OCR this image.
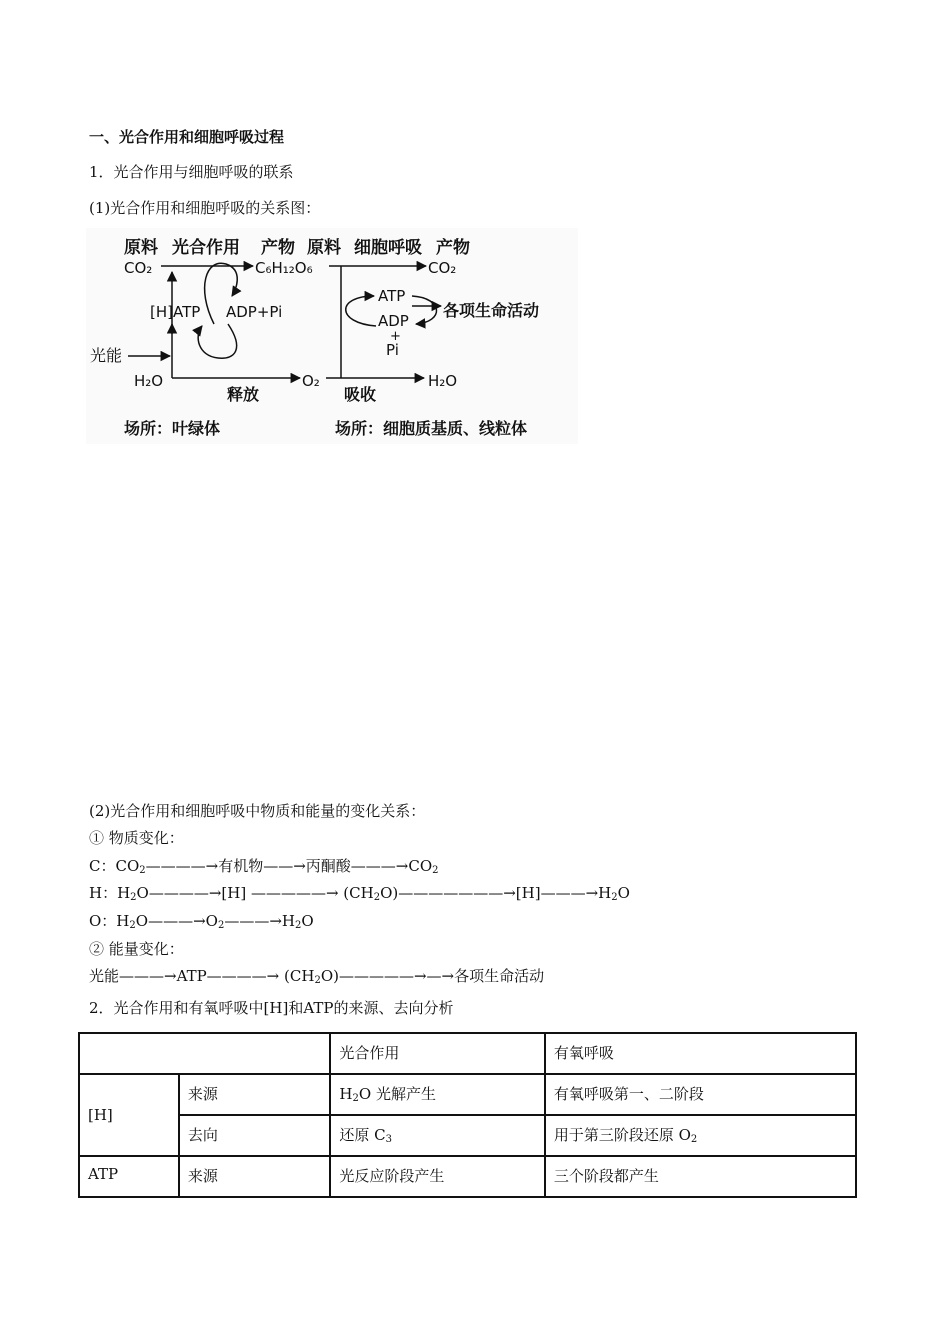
一、光合作用和细胞呼吸过程
1．光合作用与细胞呼吸的联系
(1)光合作用和细胞呼吸的关系图：
原料 光合作用 产物 原料 细胞呼吸 产物
CO₂	C₆H₁₂O₆	CO₂
[H]ATP ADP+Pi
光能
H₂O
释放
O₂
吸收
H₂O
ATP
ADP
+
Pi
各项生命活动
场所：叶绿体	场所：细胞质基质、线粒体
(2)光合作用和细胞呼吸中物质和能量的变化关系：
① 物质变化：
C：$CO_2————\to$有机物——→丙酮酸$———\to CO_2$
H：$H_2O————\to[H]$ —————→ $(CH_2O)———————\to[H]———\to H_2O$
O：$H_2O———\to O_2———\to H_2O$
② 能量变化：
光能———→ATP————→ $(CH_2O)—————\to—\to$各项生命活动
2．光合作用和有氧呼吸中[H]和ATP的来源、去向分析
		光合作用	有氧呼吸
[H]	来源	$H_2O$ 光解产生	有氧呼吸第一、二阶段
	去向	还原 $C_3$	用于第三阶段还原 $O_2$
ATP	来源	光反应阶段产生	三个阶段都产生
